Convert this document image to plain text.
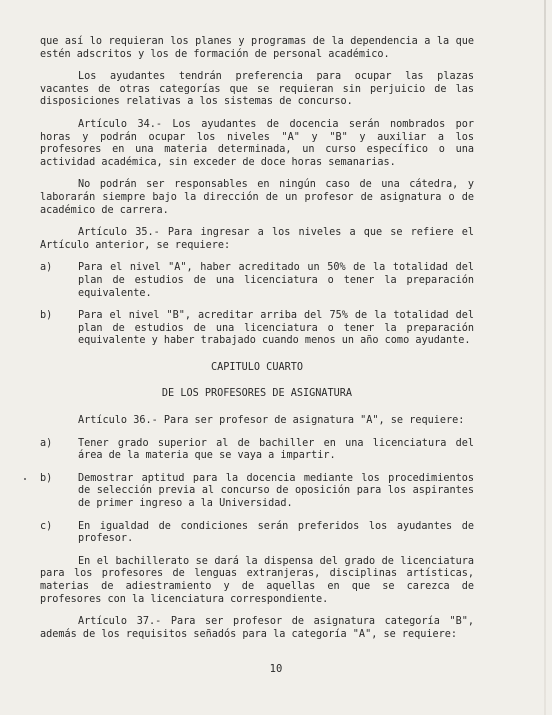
que así lo requieran los planes y programas de la dependencia a la que estén adscritos y los de formación de personal académico.

Los ayudantes tendrán preferencia para ocupar las plazas vacantes de otras categorías que se requieran sin perjuicio de las disposiciones relativas a los sistemas de concurso.

Artículo 34.- Los ayudantes de docencia serán nombrados por horas y podrán ocupar los niveles "A" y "B" y auxiliar a los profesores en una materia determinada, un curso específico o una actividad académica, sin exceder de doce horas semanarias.

No podrán ser responsables en ningún caso de una cátedra, y laborarán siempre bajo la dirección de un profesor de asignatura o de académico de carrera.

Artículo 35.- Para ingresar a los niveles a que se refiere el Artículo anterior, se requiere:

a)	Para el nivel "A", haber acreditado un 50% de la totalidad del plan de estudios de una licenciatura o tener la preparación equivalente.
b)	Para el nivel "B", acreditar arriba del 75% de la totalidad del plan de estudios de una licenciatura o tener la preparación equivalente y haber trabajado cuando menos un año como ayudante.
CAPITULO CUARTO
DE LOS PROFESORES DE ASIGNATURA

Artículo 36.- Para ser profesor de asignatura "A", se requiere:

a)	Tener grado superior al de bachiller en una licenciatura del área de la materia que se vaya a impartir.
b)	Demostrar aptitud para la docencia mediante los procedimientos de selección previa al concurso de oposición para los aspirantes de primer ingreso a la Universidad.
c)	En igualdad de condiciones serán preferidos los ayudantes de profesor.

En el bachillerato se dará la dispensa del grado de licenciatura para los profesores de lenguas extranjeras, disciplinas artísticas, materias de adiestramiento y de aquellas en que se carezca de profesores con la licenciatura correspondiente.

Artículo 37.- Para ser profesor de asignatura categoría "B", además de los requisitos señadós para la categoría "A", se requiere:

10
